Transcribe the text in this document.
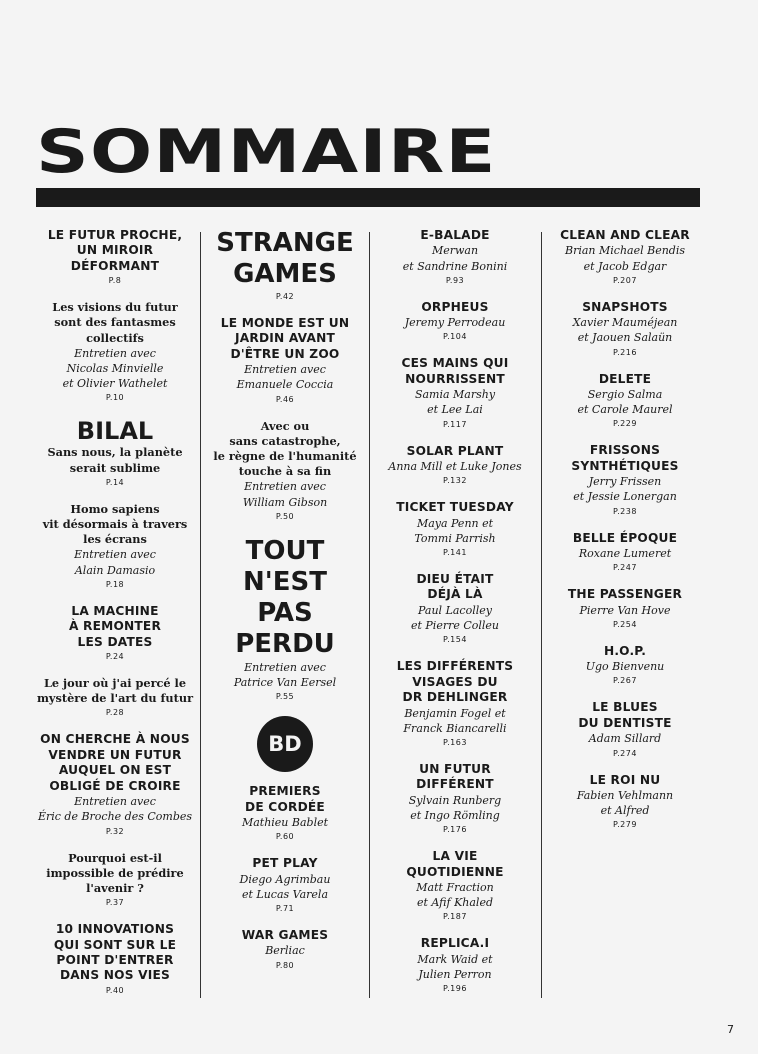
SOMMAIRE
LE FUTUR PROCHE,
UN MIROIR
DÉFORMANT
P.8
Les visions du futur
sont des fantasmes
collectifs
Entretien avec
Nicolas Minvielle
et Olivier Wathelet
P.10
BILAL
Sans nous, la planète
serait sublime
P.14
Homo sapiens
vit désormais à travers
les écrans
Entretien avec
Alain Damasio
P.18
LA MACHINE
À REMONTER
LES DATES
P.24
Le jour où j'ai percé le
mystère de l'art du futur
P.28
ON CHERCHE À NOUS
VENDRE UN FUTUR
AUQUEL ON EST
OBLIGÉ DE CROIRE
Entretien avec
Éric de Broche des Combes
P.32
Pourquoi est-il
impossible de prédire
l'avenir ?
P.37
10 INNOVATIONS
QUI SONT SUR LE
POINT D'ENTRER
DANS NOS VIES
P.40
STRANGE
GAMES
P.42
LE MONDE EST UN
JARDIN AVANT
D'ÊTRE UN ZOO
Entretien avec
Emanuele Coccia
P.46
Avec ou
sans catastrophe,
le règne de l'humanité
touche à sa fin
Entretien avec
William Gibson
P.50
TOUT
N'EST
PAS
PERDU
Entretien avec
Patrice Van Eersel
P.55
BD
PREMIERS
DE CORDÉE
Mathieu Bablet
P.60
PET PLAY
Diego Agrimbau
et Lucas Varela
P.71
WAR GAMES
Berliac
P.80
E-BALADE
Merwan
et Sandrine Bonini
P.93
ORPHEUS
Jeremy Perrodeau
P.104
CES MAINS QUI
NOURRISSENT
Samia Marshy
et Lee Lai
P.117
SOLAR PLANT
Anna Mill et Luke Jones
P.132
TICKET TUESDAY
Maya Penn et
Tommi Parrish
P.141
DIEU ÉTAIT
DÉJÀ LÀ
Paul Lacolley
et Pierre Colleu
P.154
LES DIFFÉRENTS
VISAGES DU
DR DEHLINGER
Benjamin Fogel et
Franck Biancarelli
P.163
UN FUTUR
DIFFÉRENT
Sylvain Runberg
et Ingo Römling
P.176
LA VIE
QUOTIDIENNE
Matt Fraction
et Afif Khaled
P.187
REPLICA.I
Mark Waid et
Julien Perron
P.196
CLEAN AND CLEAR
Brian Michael Bendis
et Jacob Edgar
P.207
SNAPSHOTS
Xavier Mauméjean
et Jaouen Salaün
P.216
DELETE
Sergio Salma
et Carole Maurel
P.229
FRISSONS
SYNTHÉTIQUES
Jerry Frissen
et Jessie Lonergan
P.238
BELLE ÉPOQUE
Roxane Lumeret
P.247
THE PASSENGER
Pierre Van Hove
P.254
H.O.P.
Ugo Bienvenu
P.267
LE BLUES
DU DENTISTE
Adam Sillard
P.274
LE ROI NU
Fabien Vehlmann
et Alfred
P.279
7
